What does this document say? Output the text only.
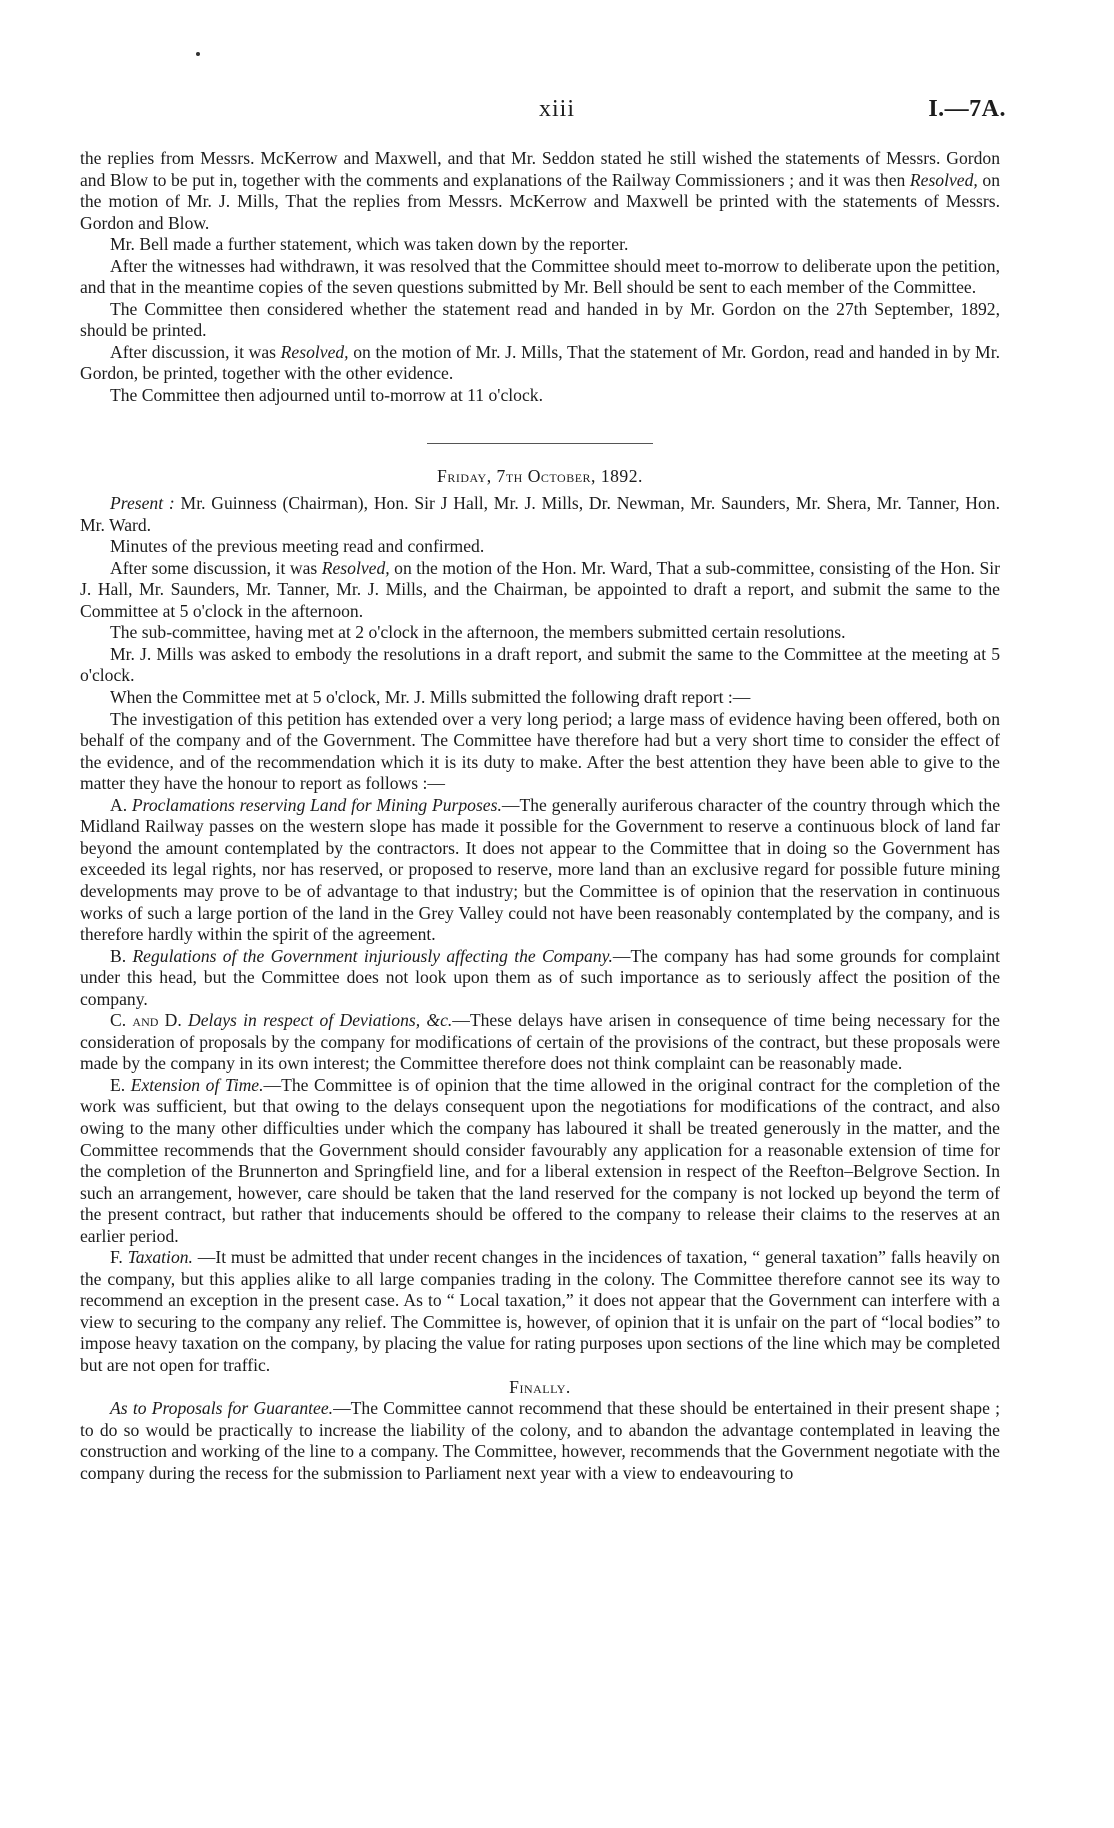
xiii	I.—7A.

the replies from Messrs. McKerrow and Maxwell, and that Mr. Seddon stated he still wished the statements of Messrs. Gordon and Blow to be put in, together with the comments and explanations of the Railway Commissioners ; and it was then Resolved, on the motion of Mr. J. Mills, That the replies from Messrs. McKerrow and Maxwell be printed with the statements of Messrs. Gordon and Blow.

Mr. Bell made a further statement, which was taken down by the reporter.

After the witnesses had withdrawn, it was resolved that the Committee should meet to-morrow to deliberate upon the petition, and that in the meantime copies of the seven questions submitted by Mr. Bell should be sent to each member of the Committee.

The Committee then considered whether the statement read and handed in by Mr. Gordon on the 27th September, 1892, should be printed.

After discussion, it was Resolved, on the motion of Mr. J. Mills, That the statement of Mr. Gordon, read and handed in by Mr. Gordon, be printed, together with the other evidence.

The Committee then adjourned until to-morrow at 11 o'clock.

Friday, 7th October, 1892.

Present : Mr. Guinness (Chairman), Hon. Sir J Hall, Mr. J. Mills, Dr. Newman, Mr. Saunders, Mr. Shera, Mr. Tanner, Hon. Mr. Ward.

Minutes of the previous meeting read and confirmed.

After some discussion, it was Resolved, on the motion of the Hon. Mr. Ward, That a sub-committee, consisting of the Hon. Sir J. Hall, Mr. Saunders, Mr. Tanner, Mr. J. Mills, and the Chairman, be appointed to draft a report, and submit the same to the Committee at 5 o'clock in the afternoon.

The sub-committee, having met at 2 o'clock in the afternoon, the members submitted certain resolutions.

Mr. J. Mills was asked to embody the resolutions in a draft report, and submit the same to the Committee at the meeting at 5 o'clock.

When the Committee met at 5 o'clock, Mr. J. Mills submitted the following draft report :—

The investigation of this petition has extended over a very long period; a large mass of evidence having been offered, both on behalf of the company and of the Government. The Committee have therefore had but a very short time to consider the effect of the evidence, and of the recommendation which it is its duty to make. After the best attention they have been able to give to the matter they have the honour to report as follows :—

A. Proclamations reserving Land for Mining Purposes.—The generally auriferous character of the country through which the Midland Railway passes on the western slope has made it possible for the Government to reserve a continuous block of land far beyond the amount contemplated by the contractors. It does not appear to the Committee that in doing so the Government has exceeded its legal rights, nor has reserved, or proposed to reserve, more land than an exclusive regard for possible future mining developments may prove to be of advantage to that industry; but the Committee is of opinion that the reservation in continuous works of such a large portion of the land in the Grey Valley could not have been reasonably contemplated by the company, and is therefore hardly within the spirit of the agreement.

B. Regulations of the Government injuriously affecting the Company.—The company has had some grounds for complaint under this head, but the Committee does not look upon them as of such importance as to seriously affect the position of the company.

C. and D. Delays in respect of Deviations, &c.—These delays have arisen in consequence of time being necessary for the consideration of proposals by the company for modifications of certain of the provisions of the contract, but these proposals were made by the company in its own interest; the Committee therefore does not think complaint can be reasonably made.

E. Extension of Time.—The Committee is of opinion that the time allowed in the original contract for the completion of the work was sufficient, but that owing to the delays consequent upon the negotiations for modifications of the contract, and also owing to the many other difficulties under which the company has laboured it shall be treated generously in the matter, and the Committee recommends that the Government should consider favourably any application for a reasonable extension of time for the completion of the Brunnerton and Springfield line, and for a liberal extension in respect of the Reefton–Belgrove Section. In such an arrangement, however, care should be taken that the land reserved for the company is not locked up beyond the term of the present contract, but rather that inducements should be offered to the company to release their claims to the reserves at an earlier period.

F. Taxation. —It must be admitted that under recent changes in the incidences of taxation, “ general taxation” falls heavily on the company, but this applies alike to all large companies trading in the colony. The Committee therefore cannot see its way to recommend an exception in the present case. As to “ Local taxation,” it does not appear that the Government can interfere with a view to securing to the company any relief. The Committee is, however, of opinion that it is unfair on the part of “local bodies” to impose heavy taxation on the company, by placing the value for rating purposes upon sections of the line which may be completed but are not open for traffic.

Finally.

As to Proposals for Guarantee.—The Committee cannot recommend that these should be entertained in their present shape ; to do so would be practically to increase the liability of the colony, and to abandon the advantage contemplated in leaving the construction and working of the line to a company. The Committee, however, recommends that the Government negotiate with the company during the recess for the submission to Parliament next year with a view to endeavouring to
